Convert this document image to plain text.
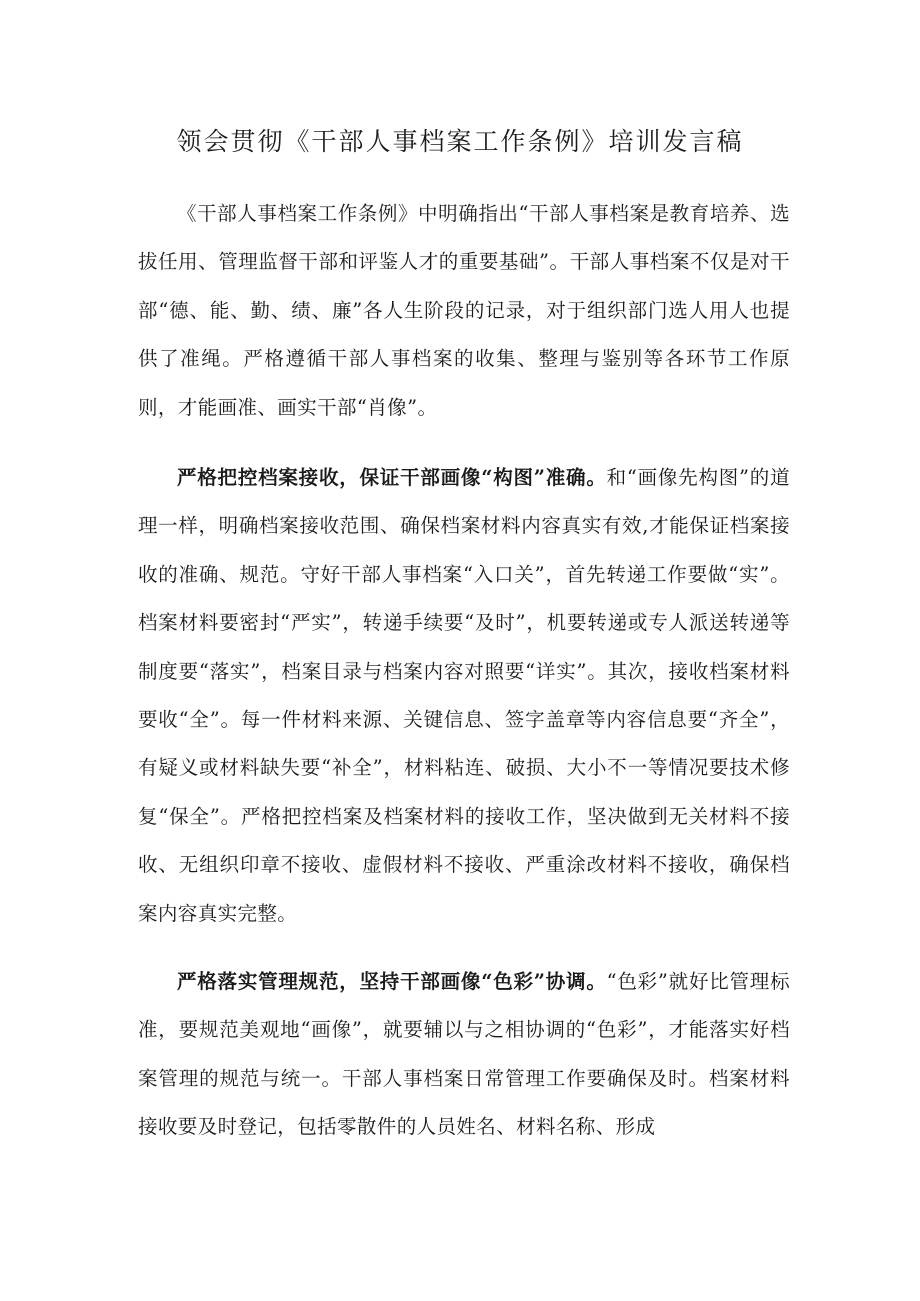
领会贯彻《干部人事档案工作条例》培训发言稿

《干部人事档案工作条例》中明确指出“干部人事档案是教育培养、选拔任用、管理监督干部和评鉴人才的重要基础”。干部人事档案不仅是对干部“德、能、勤、绩、廉”各人生阶段的记录，对于组织部门选人用人也提供了准绳。严格遵循干部人事档案的收集、整理与鉴别等各环节工作原则，才能画准、画实干部“肖像”。

严格把控档案接收，保证干部画像“构图”准确。和“画像先构图”的道理一样，明确档案接收范围、确保档案材料内容真实有效,才能保证档案接收的准确、规范。守好干部人事档案“入口关”，首先转递工作要做“实”。档案材料要密封“严实”，转递手续要“及时”，机要转递或专人派送转递等制度要“落实”，档案目录与档案内容对照要“详实”。其次，接收档案材料要收“全”。每一件材料来源、关键信息、签字盖章等内容信息要“齐全”，有疑义或材料缺失要“补全”，材料粘连、破损、大小不一等情况要技术修复“保全”。严格把控档案及档案材料的接收工作，坚决做到无关材料不接收、无组织印章不接收、虚假材料不接收、严重涂改材料不接收，确保档案内容真实完整。

严格落实管理规范，坚持干部画像“色彩”协调。“色彩”就好比管理标准，要规范美观地“画像”，就要辅以与之相协调的“色彩”，才能落实好档案管理的规范与统一。干部人事档案日常管理工作要确保及时。档案材料接收要及时登记，包括零散件的人员姓名、材料名称、形成
